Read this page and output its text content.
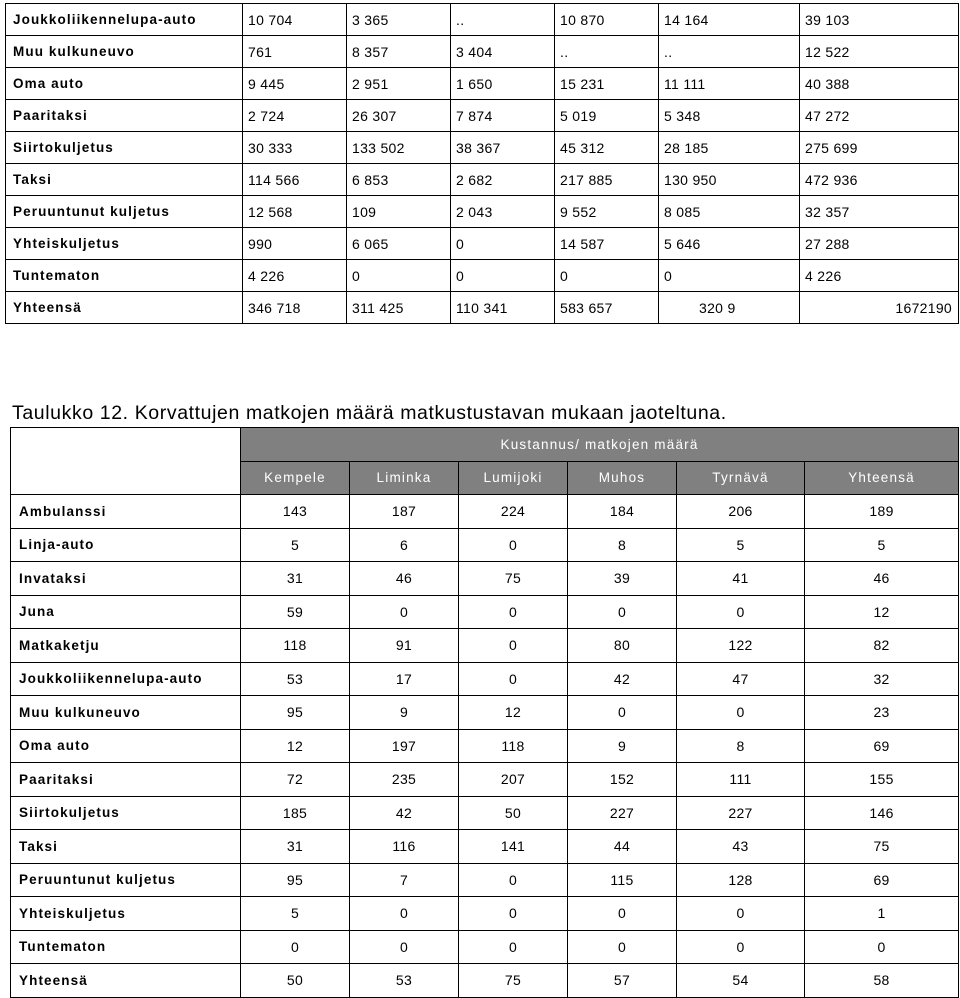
Joukkoliikennelupa-auto	10 704	3 365	..	10 870	14 164	39 103
Muu kulkuneuvo	761	8 357	3 404	..	..	12 522
Oma auto	9 445	2 951	1 650	15 231	11 111	40 388
Paaritaksi	2 724	26 307	7 874	5 019	5 348	47 272
Siirtokuljetus	30 333	133 502	38 367	45 312	28 185	275 699
Taksi	114 566	6 853	2 682	217 885	130 950	472 936
Peruuntunut kuljetus	12 568	109	2 043	9 552	8 085	32 357
Yhteiskuljetus	990	6 065	0	14 587	5 646	27 288
Tuntematon	4 226	0	0	0	0	4 226
Yhteensä	346 718	311 425	110 341	583 657	320 9	1672190
Taulukko 12. Korvattujen matkojen määrä matkustustavan mukaan jaoteltuna.
	Kustannus/ matkojen määrä					
	Kempele	Liminka	Lumijoki	Muhos	Tyrnävä	Yhteensä
Ambulanssi	143	187	224	184	206	189
Linja-auto	5	6	0	8	5	5
Invataksi	31	46	75	39	41	46
Juna	59	0	0	0	0	12
Matkaketju	118	91	0	80	122	82
Joukkoliikennelupa-auto	53	17	0	42	47	32
Muu kulkuneuvo	95	9	12	0	0	23
Oma auto	12	197	118	9	8	69
Paaritaksi	72	235	207	152	111	155
Siirtokuljetus	185	42	50	227	227	146
Taksi	31	116	141	44	43	75
Peruuntunut kuljetus	95	7	0	115	128	69
Yhteiskuljetus	5	0	0	0	0	1
Tuntematon	0	0	0	0	0	0
Yhteensä	50	53	75	57	54	58
